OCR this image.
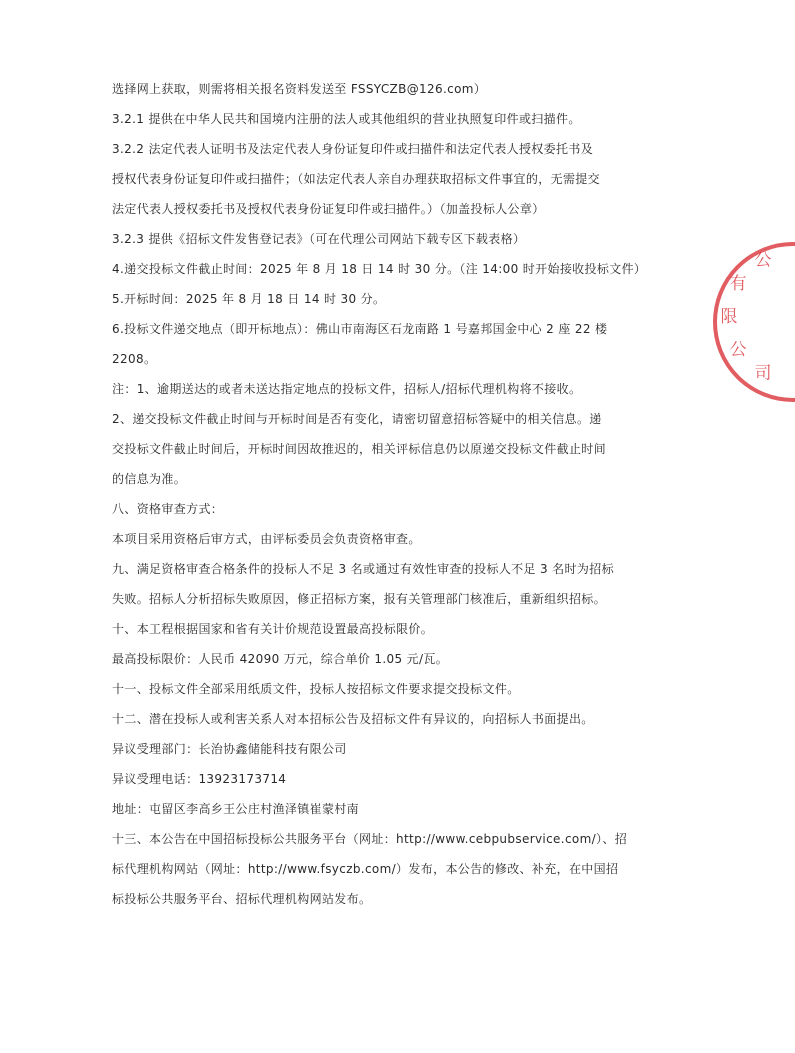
选择网上获取，则需将相关报名资料发送至 FSSYCZB@126.com）
3.2.1 提供在中华人民共和国境内注册的法人或其他组织的营业执照复印件或扫描件。
3.2.2 法定代表人证明书及法定代表人身份证复印件或扫描件和法定代表人授权委托书及
授权代表身份证复印件或扫描件；（如法定代表人亲自办理获取招标文件事宜的，无需提交
法定代表人授权委托书及授权代表身份证复印件或扫描件。）（加盖投标人公章）
3.2.3 提供《招标文件发售登记表》（可在代理公司网站下载专区下载表格）
4.递交投标文件截止时间：2025 年 8 月 18 日 14 时 30 分。（注 14:00 时开始接收投标文件）
5.开标时间：2025 年 8 月 18 日 14 时 30 分。
6.投标文件递交地点（即开标地点）：佛山市南海区石龙南路 1 号嘉邦国金中心 2 座 22 楼
2208。
注：1、逾期送达的或者未送达指定地点的投标文件，招标人/招标代理机构将不接收。
2、递交投标文件截止时间与开标时间是否有变化，请密切留意招标答疑中的相关信息。递
交投标文件截止时间后，开标时间因故推迟的，相关评标信息仍以原递交投标文件截止时间
的信息为准。
八、资格审查方式：
本项目采用资格后审方式，由评标委员会负责资格审查。
九、满足资格审查合格条件的投标人不足 3 名或通过有效性审查的投标人不足 3 名时为招标
失败。招标人分析招标失败原因，修正招标方案，报有关管理部门核准后，重新组织招标。
十、本工程根据国家和省有关计价规范设置最高投标限价。
最高投标限价：人民币 42090 万元，综合单价 1.05 元/瓦。
十一、投标文件全部采用纸质文件，投标人按招标文件要求提交投标文件。
十二、潜在投标人或利害关系人对本招标公告及招标文件有异议的，向招标人书面提出。
异议受理部门：长治协鑫储能科技有限公司
异议受理电话：13923173714
地址：屯留区李高乡王公庄村渔泽镇崔蒙村南
十三、本公告在中国招标投标公共服务平台（网址：http://www.cebpubservice.com/）、招
标代理机构网站（网址：http://www.fsyczb.com/）发布，本公告的修改、补充，在中国招
标投标公共服务平台、招标代理机构网站发布。
公有限公司
